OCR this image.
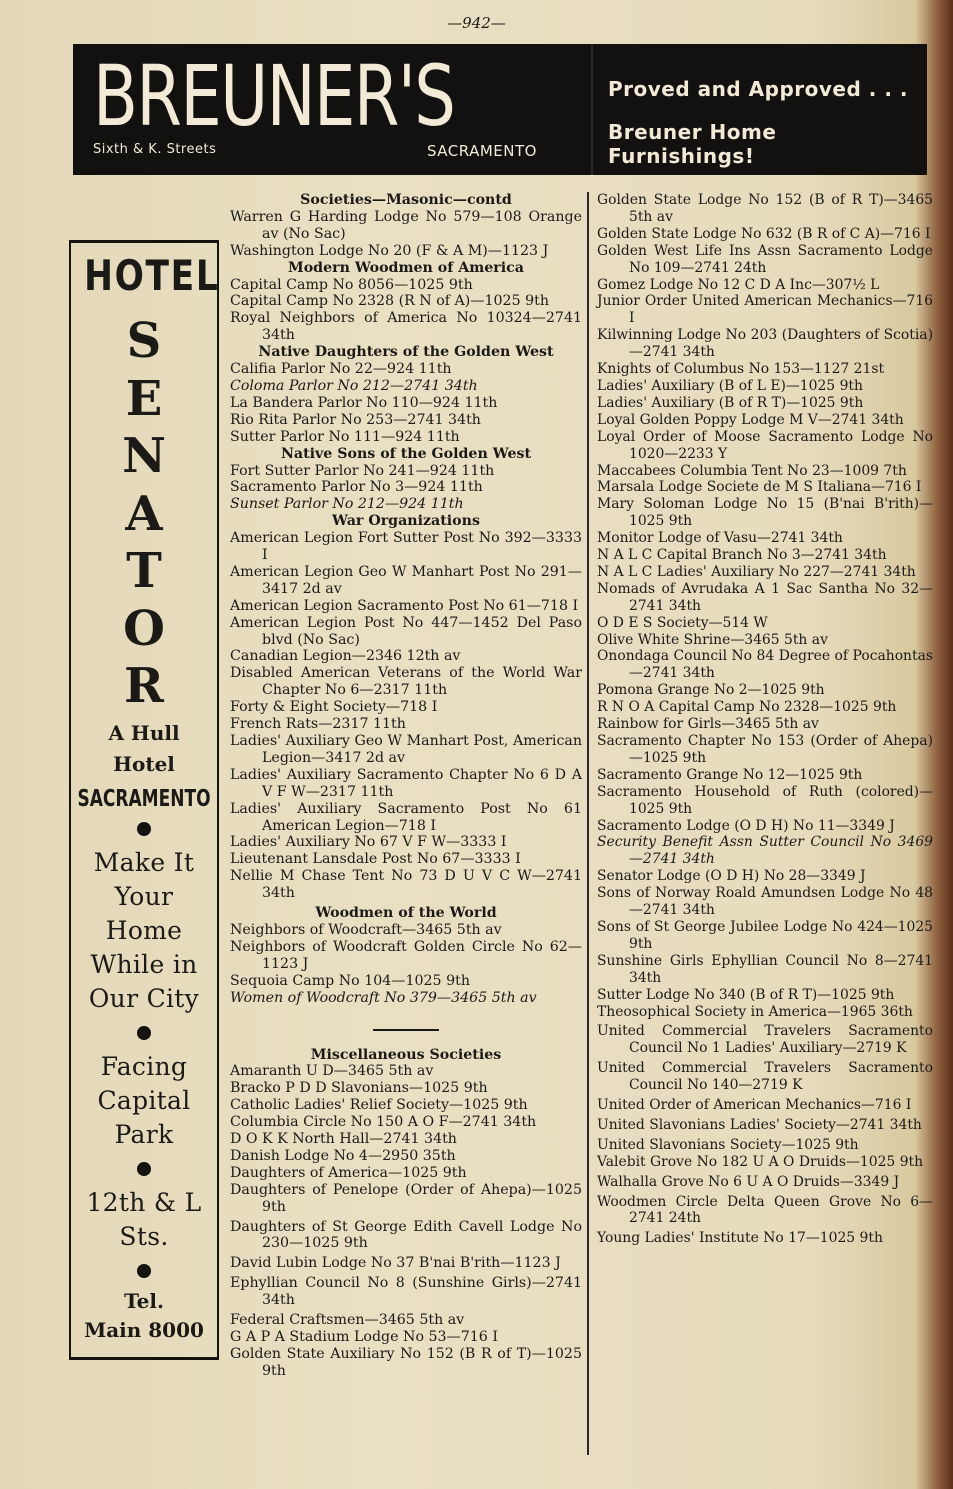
—942—
BREUNER'S
Sixth & K. Streets	SACRAMENTO
Proved and Approved . . .
Breuner Home Furnishings!
HOTEL
S
E
N
A
T
O
R
A Hull
Hotel
SACRAMENTO
Make It
Your
Home
While in
Our City
Facing
Capital
Park
12th & L
Sts.
Tel.
Main 8000
Societies—Masonic—contd
Warren G Harding Lodge No 579—108 Orange av (No Sac)
Washington Lodge No 20 (F & A M)—1123 J
Modern Woodmen of America
Capital Camp No 8056—1025 9th
Capital Camp No 2328 (R N of A)—1025 9th
Royal Neighbors of America No 10324—2741 34th
Native Daughters of the Golden West
Califia Parlor No 22—924 11th
Coloma Parlor No 212—2741 34th
La Bandera Parlor No 110—924 11th
Rio Rita Parlor No 253—2741 34th
Sutter Parlor No 111—924 11th
Native Sons of the Golden West
Fort Sutter Parlor No 241—924 11th
Sacramento Parlor No 3—924 11th
Sunset Parlor No 212—924 11th
War Organizations
American Legion Fort Sutter Post No 392—3333 I
American Legion Geo W Manhart Post No 291—3417 2d av
American Legion Sacramento Post No 61—718 I
American Legion Post No 447—1452 Del Paso blvd (No Sac)
Canadian Legion—2346 12th av
Disabled American Veterans of the World War Chapter No 6—2317 11th
Forty & Eight Society—718 I
French Rats—2317 11th
Ladies' Auxiliary Geo W Manhart Post, American Legion—3417 2d av
Ladies' Auxiliary Sacramento Chapter No 6 D A V F W—2317 11th
Ladies' Auxiliary Sacramento Post No 61 American Legion—718 I
Ladies' Auxiliary No 67 V F W—3333 I
Lieutenant Lansdale Post No 67—3333 I
Nellie M Chase Tent No 73 D U V C W—2741 34th
Woodmen of the World
Neighbors of Woodcraft—3465 5th av
Neighbors of Woodcraft Golden Circle No 62—1123 J
Sequoia Camp No 104—1025 9th
Women of Woodcraft No 379—3465 5th av
Miscellaneous Societies
Amaranth U D—3465 5th av
Bracko P D D Slavonians—1025 9th
Catholic Ladies' Relief Society—1025 9th
Columbia Circle No 150 A O F—2741 34th
D O K K North Hall—2741 34th
Danish Lodge No 4—2950 35th
Daughters of America—1025 9th
Daughters of Penelope (Order of Ahepa)—1025 9th
Daughters of St George Edith Cavell Lodge No 230—1025 9th
David Lubin Lodge No 37 B'nai B'rith—1123 J
Ephyllian Council No 8 (Sunshine Girls)—2741 34th
Federal Craftsmen—3465 5th av
G A P A Stadium Lodge No 53—716 I
Golden State Auxiliary No 152 (B R of T)—1025 9th
Golden State Lodge No 152 (B of R T)—3465 5th av
Golden State Lodge No 632 (B R of C A)—716 I
Golden West Life Ins Assn Sacramento Lodge No 109—2741 24th
Gomez Lodge No 12 C D A Inc—307½ L
Junior Order United American Mechanics—716 I
Kilwinning Lodge No 203 (Daughters of Scotia)—2741 34th
Knights of Columbus No 153—1127 21st
Ladies' Auxiliary (B of L E)—1025 9th
Ladies' Auxiliary (B of R T)—1025 9th
Loyal Golden Poppy Lodge M V—2741 34th
Loyal Order of Moose Sacramento Lodge No 1020—2233 Y
Maccabees Columbia Tent No 23—1009 7th
Marsala Lodge Societe de M S Italiana—716 I
Mary Soloman Lodge No 15 (B'nai B'rith)—1025 9th
Monitor Lodge of Vasu—2741 34th
N A L C Capital Branch No 3—2741 34th
N A L C Ladies' Auxiliary No 227—2741 34th
Nomads of Avrudaka A 1 Sac Santha No 32—2741 34th
O D E S Society—514 W
Olive White Shrine—3465 5th av
Onondaga Council No 84 Degree of Pocahontas—2741 34th
Pomona Grange No 2—1025 9th
R N O A Capital Camp No 2328—1025 9th
Rainbow for Girls—3465 5th av
Sacramento Chapter No 153 (Order of Ahepa)—1025 9th
Sacramento Grange No 12—1025 9th
Sacramento Household of Ruth (colored)—1025 9th
Sacramento Lodge (O D H) No 11—3349 J
Security Benefit Assn Sutter Council No 3469—2741 34th
Senator Lodge (O D H) No 28—3349 J
Sons of Norway Roald Amundsen Lodge No 48—2741 34th
Sons of St George Jubilee Lodge No 424—1025 9th
Sunshine Girls Ephyllian Council No 8—2741 34th
Sutter Lodge No 340 (B of R T)—1025 9th
Theosophical Society in America—1965 36th
United Commercial Travelers Sacramento Council No 1 Ladies' Auxiliary—2719 K
United Commercial Travelers Sacramento Council No 140—2719 K
United Order of American Mechanics—716 I
United Slavonians Ladies' Society—2741 34th
United Slavonians Society—1025 9th
Valebit Grove No 182 U A O Druids—1025 9th
Walhalla Grove No 6 U A O Druids—3349 J
Woodmen Circle Delta Queen Grove No 6—2741 24th
Young Ladies' Institute No 17—1025 9th
